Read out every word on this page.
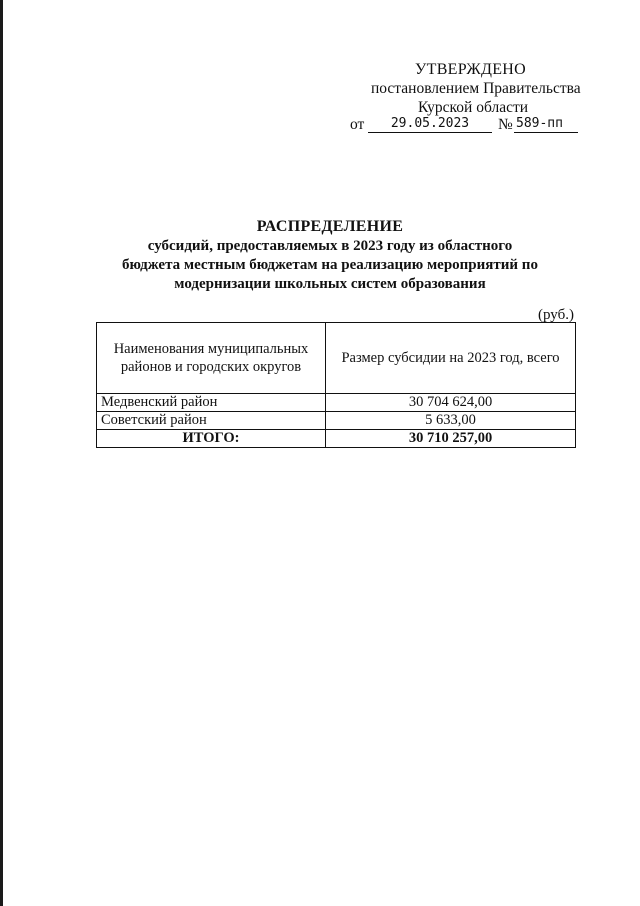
УТВЕРЖДЕНО
постановлением Правительства
Курской области
от	29.05.2023	№ 589-пп
РАСПРЕДЕЛЕНИЕ
субсидий, предоставляемых в 2023 году из областного
бюджета местным бюджетам на реализацию мероприятий по
модернизации школьных систем образования
(руб.)
Наименования муниципальных районов и городских округов	Размер субсидии на 2023 год, всего
Медвенский район	30 704 624,00
Советский район	5 633,00
ИТОГО:	30 710 257,00
